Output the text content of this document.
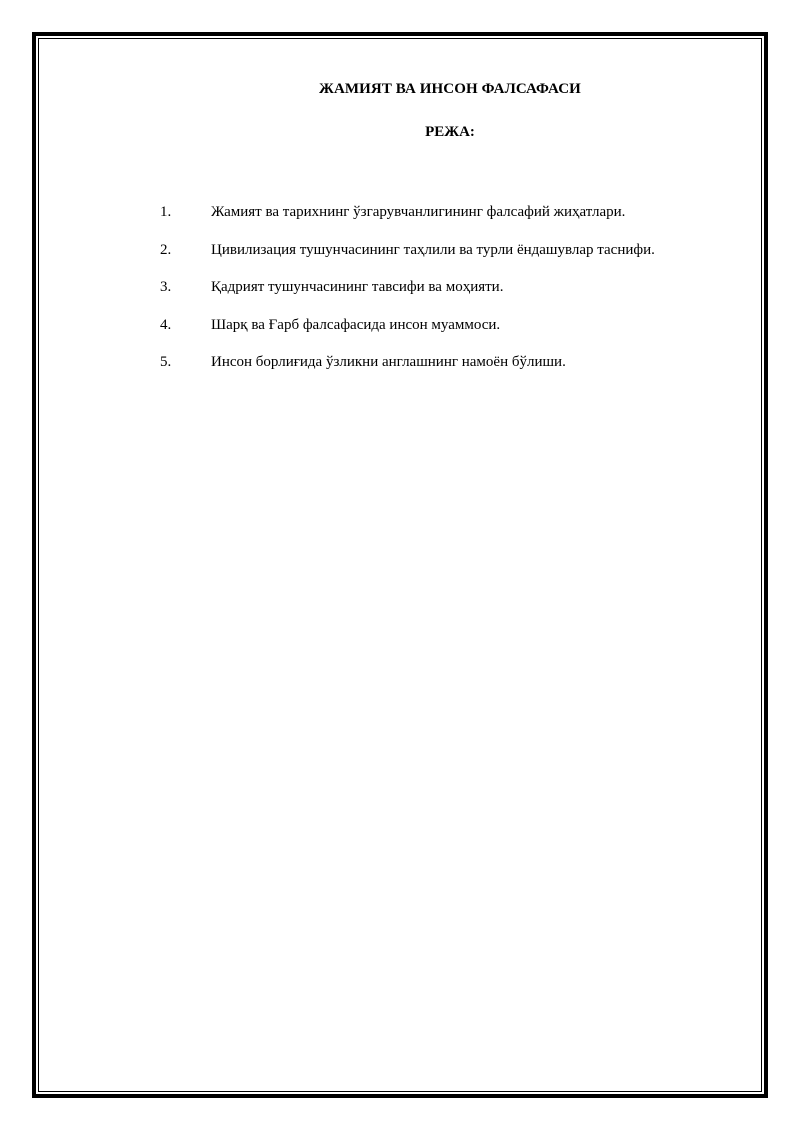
ЖАМИЯТ ВА ИНСОН ФАЛСАФАСИ
РЕЖА:
1.	Жамият ва тарихнинг ўзгарувчанлигининг фалсафий жиҳатлари.
2.	Цивилизация тушунчасининг таҳлили ва турли ёндашувлар таснифи.
3.	Қадрият тушунчасининг тавсифи ва моҳияти.
4.	Шарқ ва Ғарб фалсафасида инсон муаммоси.
5.	Инсон борлиғида ўзликни англашнинг намоён бўлиши.
